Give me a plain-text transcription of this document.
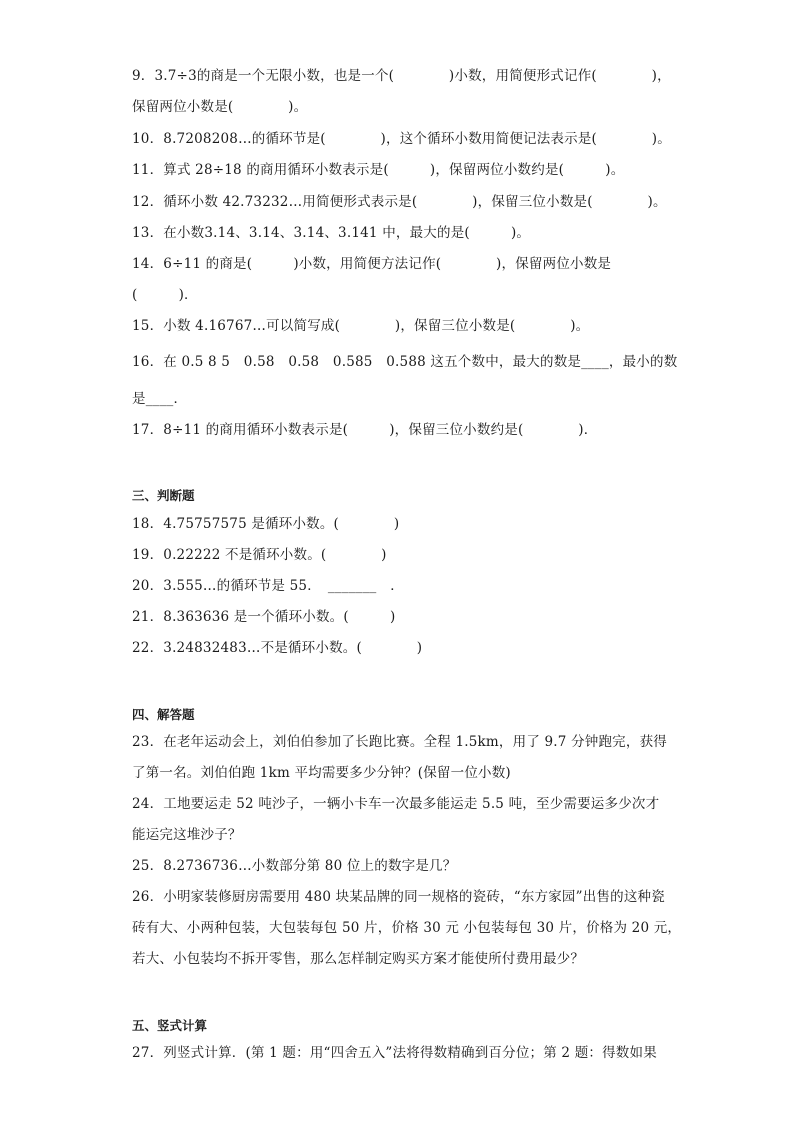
9．3.7÷3的商是一个无限小数，也是一个(　　　　)小数，用简便形式记作(　　　　)，
保留两位小数是(　　　　)。
10．8.7208208…的循环节是(　　　　)，这个循环小数用简便记法表示是(　　　　)。
11．算式 28÷18 的商用循环小数表示是(　　　)，保留两位小数约是(　　　)。
12．循环小数 42.73232…用简便形式表示是(　　　　)，保留三位小数是(　　　　)。
13．在小数3.14、3.14、3.14、3.141 中，最大的是(　　　)。
14．6÷11 的商是(　　　)小数，用简便方法记作(　　　　)，保留两位小数是
(　　　)．
15．小数 4.16767…可以简写成(　　　　)，保留三位小数是(　　　　)。
16．在 0.5 8 5　0.58　0.58　0.585　0.588 这五个数中，最大的数是____，最小的数
是____．
17．8÷11 的商用循环小数表示是(　　　)，保留三位小数约是(　　　　)．
三、判断题
18．4.75757575 是循环小数。(　　　　)
19．0.22222 不是循环小数。(　　　　)
20．3.555…的循环节是 55．　_______　．
21．8.363636 是一个循环小数。(　　　)
22．3.24832483…不是循环小数。(　　　　)
四、解答题
23．在老年运动会上，刘伯伯参加了长跑比赛。全程 1.5km，用了 9.7 分钟跑完，获得
了第一名。刘伯伯跑 1km 平均需要多少分钟？(保留一位小数)
24．工地要运走 52 吨沙子，一辆小卡车一次最多能运走 5.5 吨，至少需要运多少次才
能运完这堆沙子？
25．8.2736736…小数部分第 80 位上的数字是几？
26．小明家装修厨房需要用 480 块某品牌的同一规格的瓷砖，“东方家园”出售的这种瓷
砖有大、小两种包装，大包装每包 50 片，价格 30 元 小包装每包 30 片，价格为 20 元，
若大、小包装均不拆开零售，那么怎样制定购买方案才能使所付费用最少？
五、竖式计算
27．列竖式计算．(第 1 题：用“四舍五入”法将得数精确到百分位；第 2 题：得数如果
